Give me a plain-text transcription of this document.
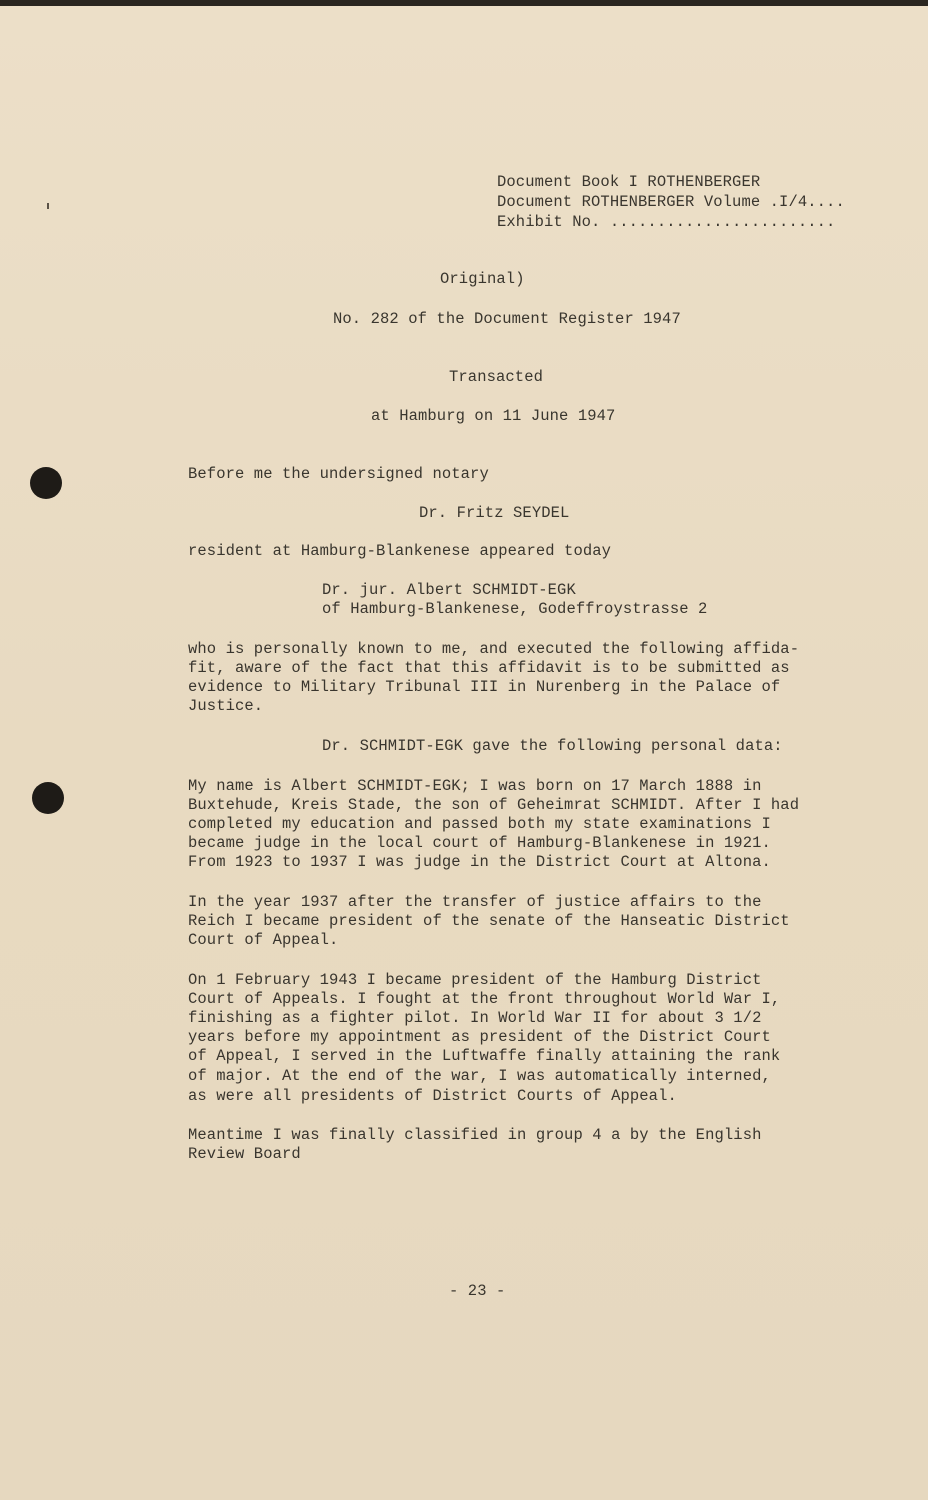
Document Book I ROTHENBERGER
Document ROTHENBERGER Volume .I/4....
Exhibit No. ........................
Original)
No. 282 of the Document Register 1947
Transacted
at Hamburg on 11 June 1947
Before me the undersigned notary
Dr. Fritz SEYDEL
resident at Hamburg-Blankenese appeared today
Dr. jur. Albert SCHMIDT-EGK
of Hamburg-Blankenese, Godeffroystrasse 2
who is personally known to me, and executed the following affida-
fit, aware of the fact that this affidavit is to be submitted as
evidence to Military Tribunal III in Nurenberg in the Palace of
Justice.
Dr. SCHMIDT-EGK gave the following personal data:
My name is Albert SCHMIDT-EGK; I was born on 17 March 1888 in
Buxtehude, Kreis Stade, the son of Geheimrat SCHMIDT. After I had
completed my education and passed both my state examinations I
became judge in the local court of Hamburg-Blankenese in 1921.
From 1923 to 1937 I was judge in the District Court at Altona.
In the year 1937 after the transfer of justice affairs to the
Reich I became president of the senate of the Hanseatic District
Court of Appeal.
On 1 February 1943 I became president of the Hamburg District
Court of Appeals. I fought at the front throughout World War I,
finishing as a fighter pilot. In World War II for about 3 1/2
years before my appointment as president of the District Court
of Appeal, I served in the Luftwaffe finally attaining the rank
of major. At the end of the war, I was automatically interned,
as were all presidents of District Courts of Appeal.
Meantime I was finally classified in group 4 a by the English
Review Board
- 23 -
